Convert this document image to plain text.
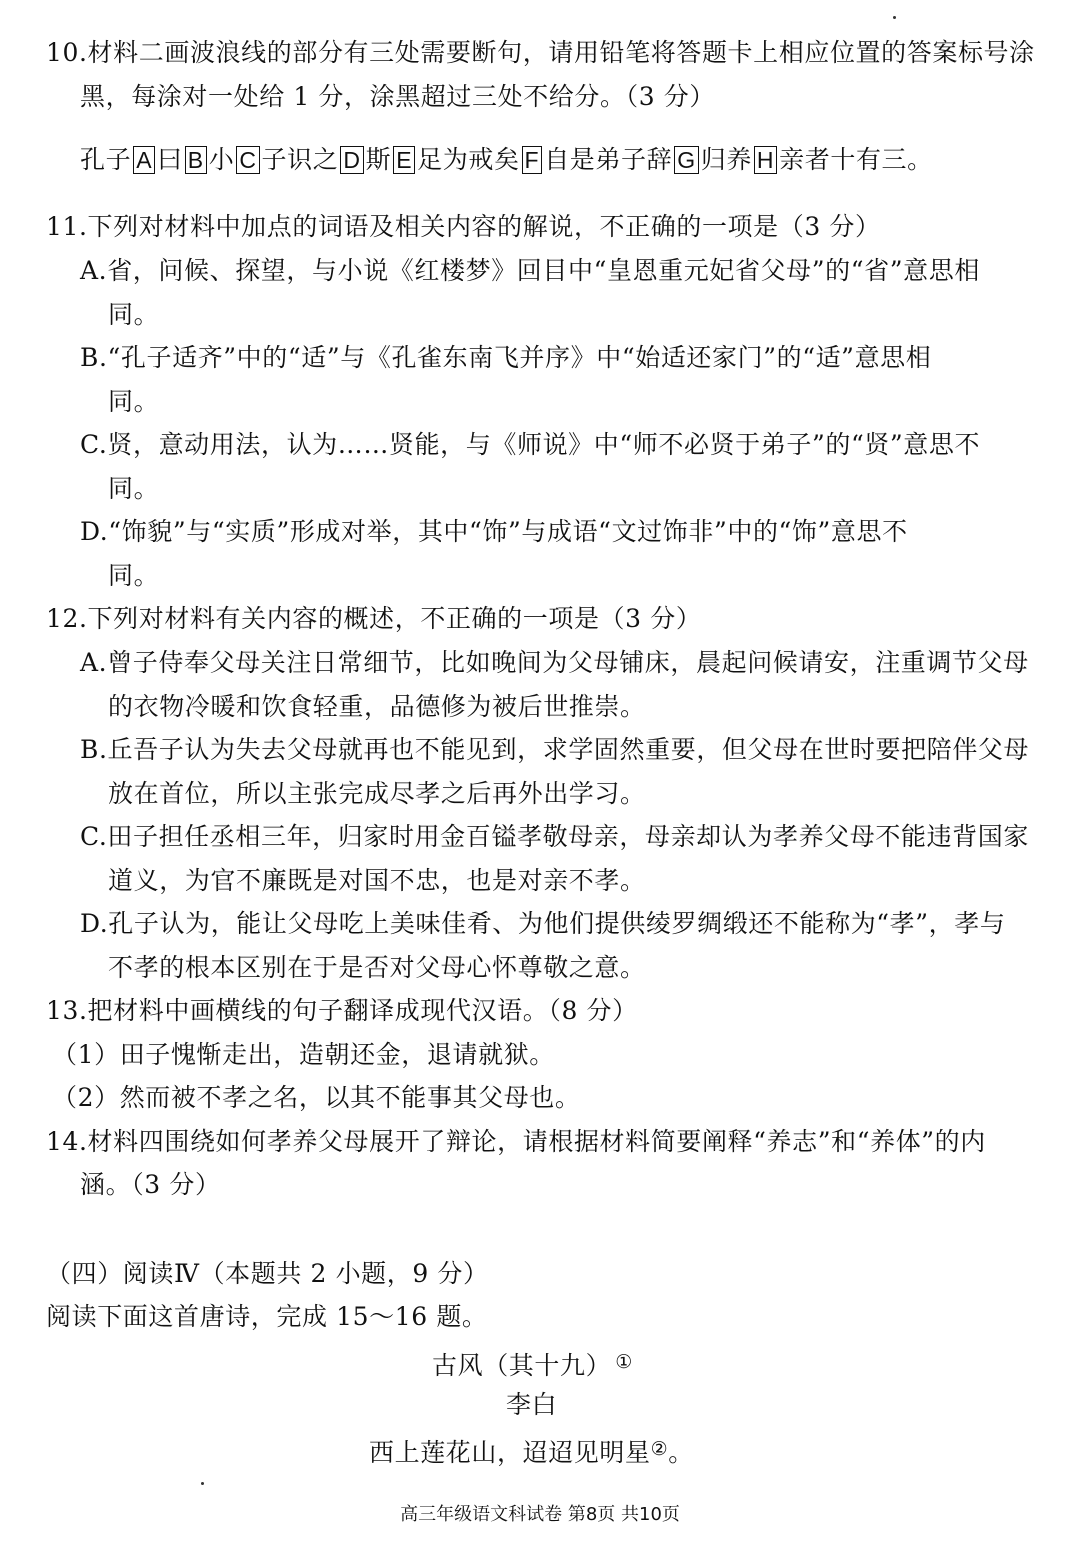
10.材料二画波浪线的部分有三处需要断句，请用铅笔将答题卡上相应位置的答案标号涂
黑，每涂对一处给 1 分，涂黑超过三处不给分。（3 分）
孔子 A 曰 B 小 C 子识之 D 斯 E 足为戒矣 F 自是弟子辞 G 归养 H 亲者十有三。
11.下列对材料中加点的词语及相关内容的解说，不正确的一项是（3 分）
A.省，问候、探望，与小说《红楼梦》回目中“皇恩重元妃省父母”的“省”意思相
同。
B.“孔子适齐”中的“适”与《孔雀东南飞并序》中“始适还家门”的“适”意思相
同。
C.贤，意动用法，认为……贤能，与《师说》中“师不必贤于弟子”的“贤”意思不
同。
D.“饰貌”与“实质”形成对举，其中“饰”与成语“文过饰非”中的“饰”意思不
同。
12.下列对材料有关内容的概述，不正确的一项是（3 分）
A.曾子侍奉父母关注日常细节，比如晚间为父母铺床，晨起问候请安，注重调节父母
的衣物冷暖和饮食轻重，品德修为被后世推崇。
B.丘吾子认为失去父母就再也不能见到，求学固然重要，但父母在世时要把陪伴父母
放在首位，所以主张完成尽孝之后再外出学习。
C.田子担任丞相三年，归家时用金百镒孝敬母亲，母亲却认为孝养父母不能违背国家
道义，为官不廉既是对国不忠，也是对亲不孝。
D.孔子认为，能让父母吃上美味佳肴、为他们提供绫罗绸缎还不能称为“孝”，孝与
不孝的根本区别在于是否对父母心怀尊敬之意。
13.把材料中画横线的句子翻译成现代汉语。（8 分）
（1）田子愧惭走出，造朝还金，退请就狱。
（2）然而被不孝之名，以其不能事其父母也。
14.材料四围绕如何孝养父母展开了辩论，请根据材料简要阐释“养志”和“养体”的内
涵。（3 分）
（四）阅读Ⅳ（本题共 2 小题，9 分）
阅读下面这首唐诗，完成 15～16 题。
古风（其十九） ①
李白
西上莲花山，迢迢见明星②。
高三年级语文科试卷 第8页 共10页
